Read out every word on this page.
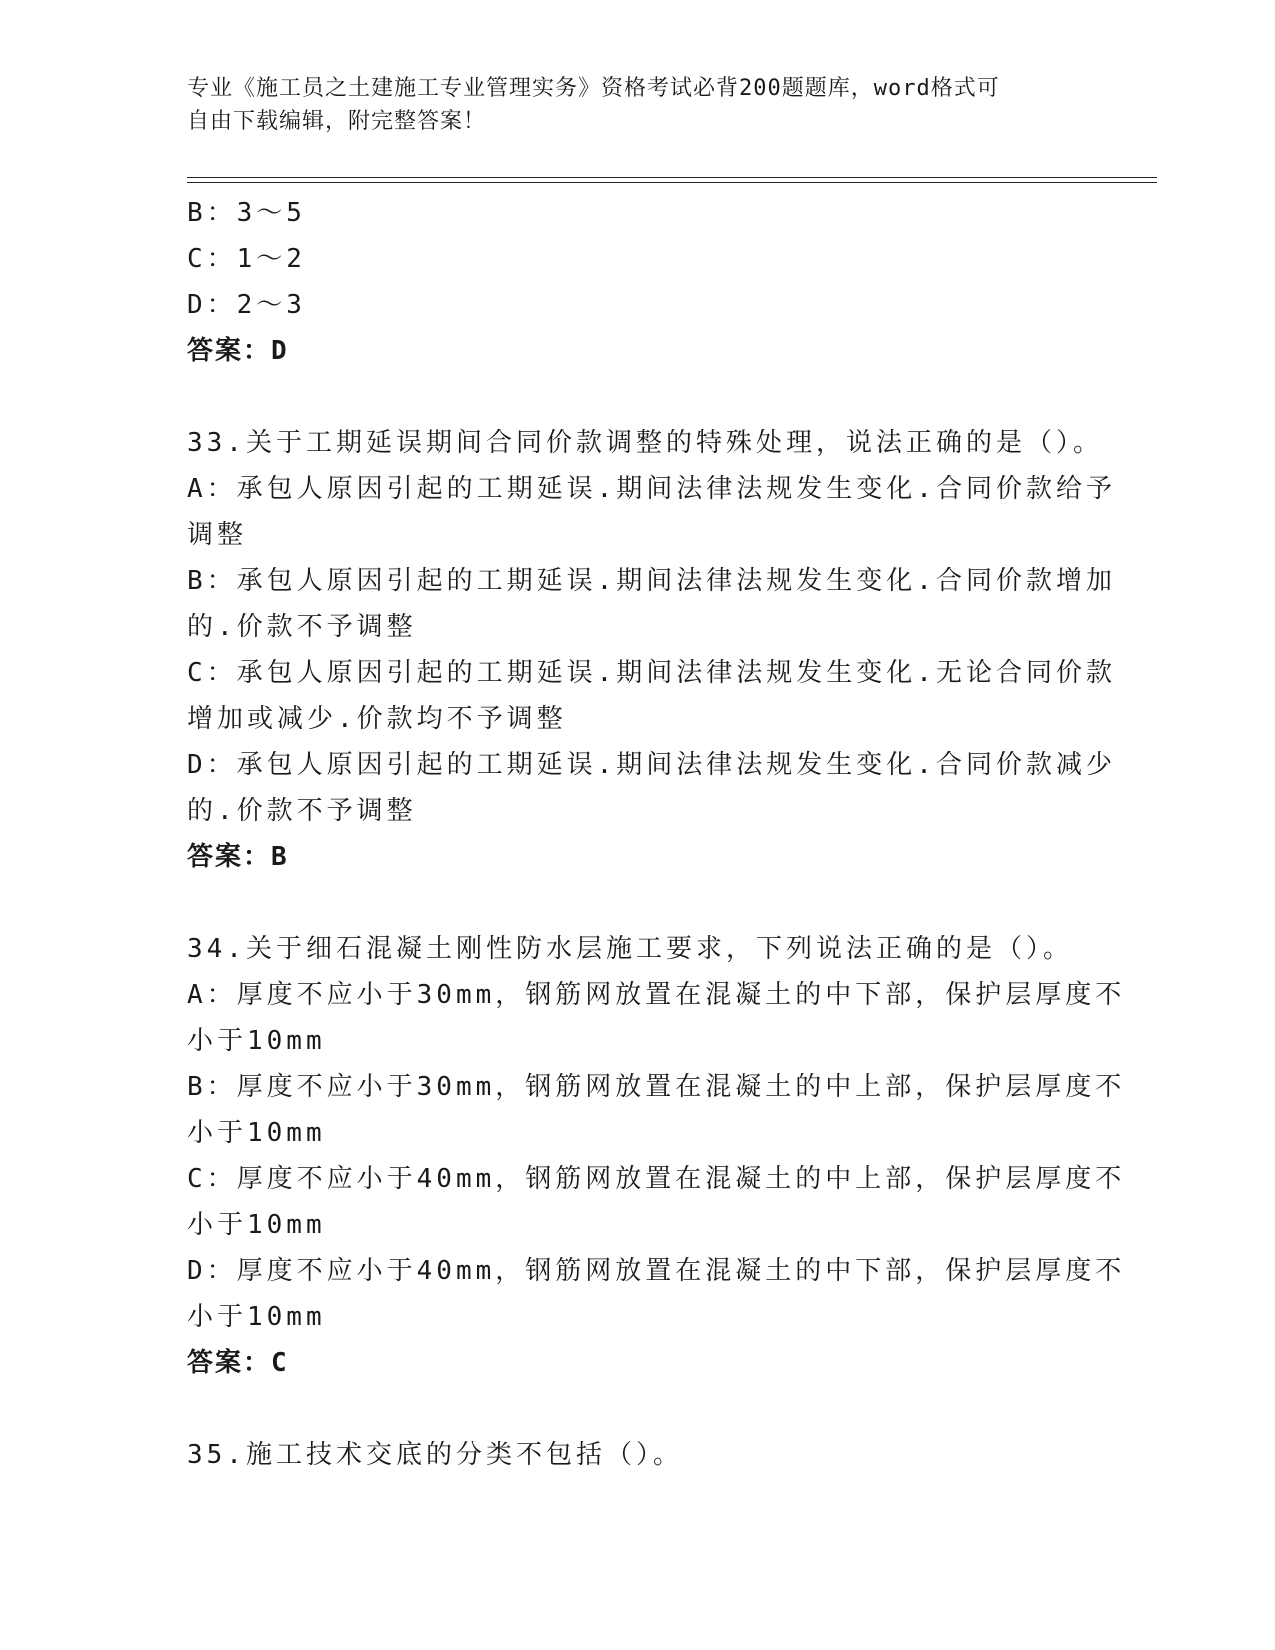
专业《施工员之土建施工专业管理实务》资格考试必背200题题库，word格式可
自由下载编辑，附完整答案！
B：3～5
C：1～2
D：2～3
答案：D
33.关于工期延误期间合同价款调整的特殊处理，说法正确的是（）。
A：承包人原因引起的工期延误.期间法律法规发生变化.合同价款给予
调整
B：承包人原因引起的工期延误.期间法律法规发生变化.合同价款增加
的.价款不予调整
C：承包人原因引起的工期延误.期间法律法规发生变化.无论合同价款
增加或减少.价款均不予调整
D：承包人原因引起的工期延误.期间法律法规发生变化.合同价款减少
的.价款不予调整
答案：B
34.关于细石混凝土刚性防水层施工要求，下列说法正确的是（）。
A：厚度不应小于30mm，钢筋网放置在混凝土的中下部，保护层厚度不
小于10mm
B：厚度不应小于30mm，钢筋网放置在混凝土的中上部，保护层厚度不
小于10mm
C：厚度不应小于40mm，钢筋网放置在混凝土的中上部，保护层厚度不
小于10mm
D：厚度不应小于40mm，钢筋网放置在混凝土的中下部，保护层厚度不
小于10mm
答案：C
35.施工技术交底的分类不包括（）。
